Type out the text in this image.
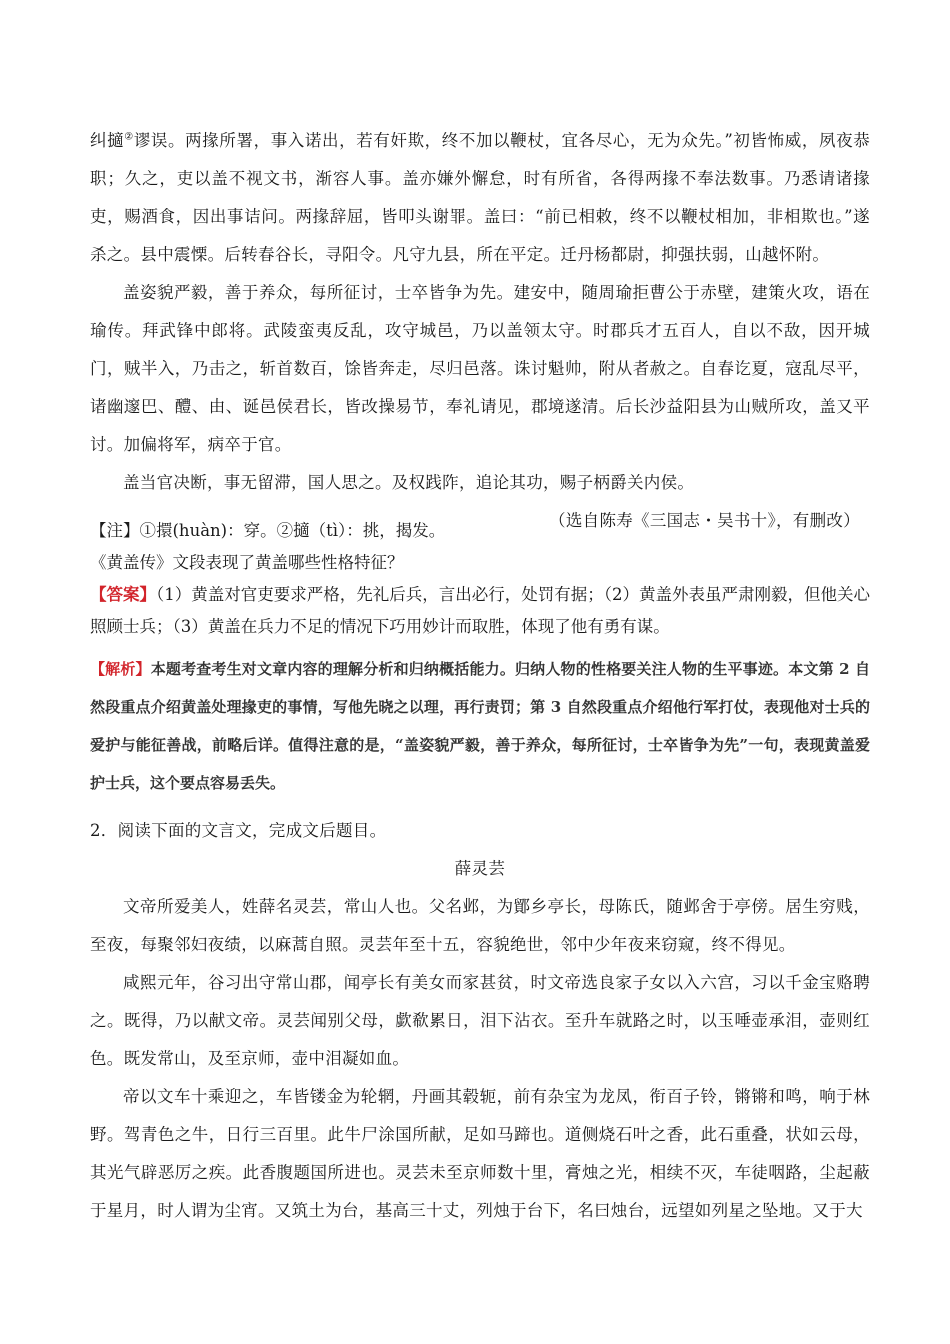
纠擿②谬误。两掾所署，事入诺出，若有奸欺，终不加以鞭杖，宜各尽心，无为众先。”初皆怖威，夙夜恭职；久之，吏以盖不视文书，渐容人事。盖亦嫌外懈怠，时有所省，各得两掾不奉法数事。乃悉请诸掾吏，赐酒食，因出事诘问。两掾辞屈，皆叩头谢罪。盖曰：“前已相敕，终不以鞭杖相加，非相欺也。”遂杀之。县中震慄。后转春谷长，寻阳令。凡守九县，所在平定。迁丹杨都尉，抑强扶弱，山越怀附。

盖姿貌严毅，善于养众，每所征讨，士卒皆争为先。建安中，随周瑜拒曹公于赤壁，建策火攻，语在瑜传。拜武锋中郎将。武陵蛮夷反乱，攻守城邑，乃以盖领太守。时郡兵才五百人，自以不敌，因开城门，贼半入，乃击之，斩首数百，馀皆奔走，尽归邑落。诛讨魁帅，附从者赦之。自春讫夏，寇乱尽平，诸幽邃巴、醴、由、诞邑侯君长，皆改操易节，奉礼请见，郡境遂清。后长沙益阳县为山贼所攻，盖又平讨。加偏将军，病卒于官。

盖当官决断，事无留滞，国人思之。及权践阼，追论其功，赐子柄爵关内侯。

（选自陈寿《三国志・吴书十》，有删改）

【注】①擐(huàn)：穿。②擿（tì）：挑，揭发。

《黄盖传》文段表现了黄盖哪些性格特征？

【答案】（1）黄盖对官吏要求严格，先礼后兵，言出必行，处罚有据；（2）黄盖外表虽严肃刚毅，但他关心照顾士兵；（3）黄盖在兵力不足的情况下巧用妙计而取胜，体现了他有勇有谋。

【解析】本题考查考生对文章内容的理解分析和归纳概括能力。归纳人物的性格要关注人物的生平事迹。本文第 2 自然段重点介绍黄盖处理掾吏的事情，写他先晓之以理，再行责罚；第 3 自然段重点介绍他行军打仗，表现他对士兵的爱护与能征善战，前略后详。值得注意的是，“盖姿貌严毅，善于养众，每所征讨，士卒皆争为先”一句，表现黄盖爱护士兵，这个要点容易丢失。

2．阅读下面的文言文，完成文后题目。

薛灵芸

文帝所爱美人，姓薛名灵芸，常山人也。父名邺，为鄮乡亭长，母陈氏，随邺舍于亭傍。居生穷贱，至夜，每聚邻妇夜绩，以麻蒿自照。灵芸年至十五，容貌绝世，邻中少年夜来窃窥，终不得见。

咸熙元年，谷习出守常山郡，闻亭长有美女而家甚贫，时文帝选良家子女以入六宫，习以千金宝赂聘之。既得，乃以献文帝。灵芸闻别父母，歔欷累日，泪下沾衣。至升车就路之时，以玉唾壶承泪，壶则红色。既发常山，及至京师，壶中泪凝如血。

帝以文车十乘迎之，车皆镂金为轮辋，丹画其毂轭，前有杂宝为龙凤，衔百子铃，锵锵和鸣，响于林野。驾青色之牛，日行三百里。此牛尸涂国所献，足如马蹄也。道侧烧石叶之香，此石重叠，状如云母，其光气辟恶厉之疾。此香腹题国所进也。灵芸未至京师数十里，膏烛之光，相续不灭，车徒咽路，尘起蔽于星月，时人谓为尘宵。又筑土为台，基高三十丈，列烛于台下，名曰烛台，远望如列星之坠地。又于大
